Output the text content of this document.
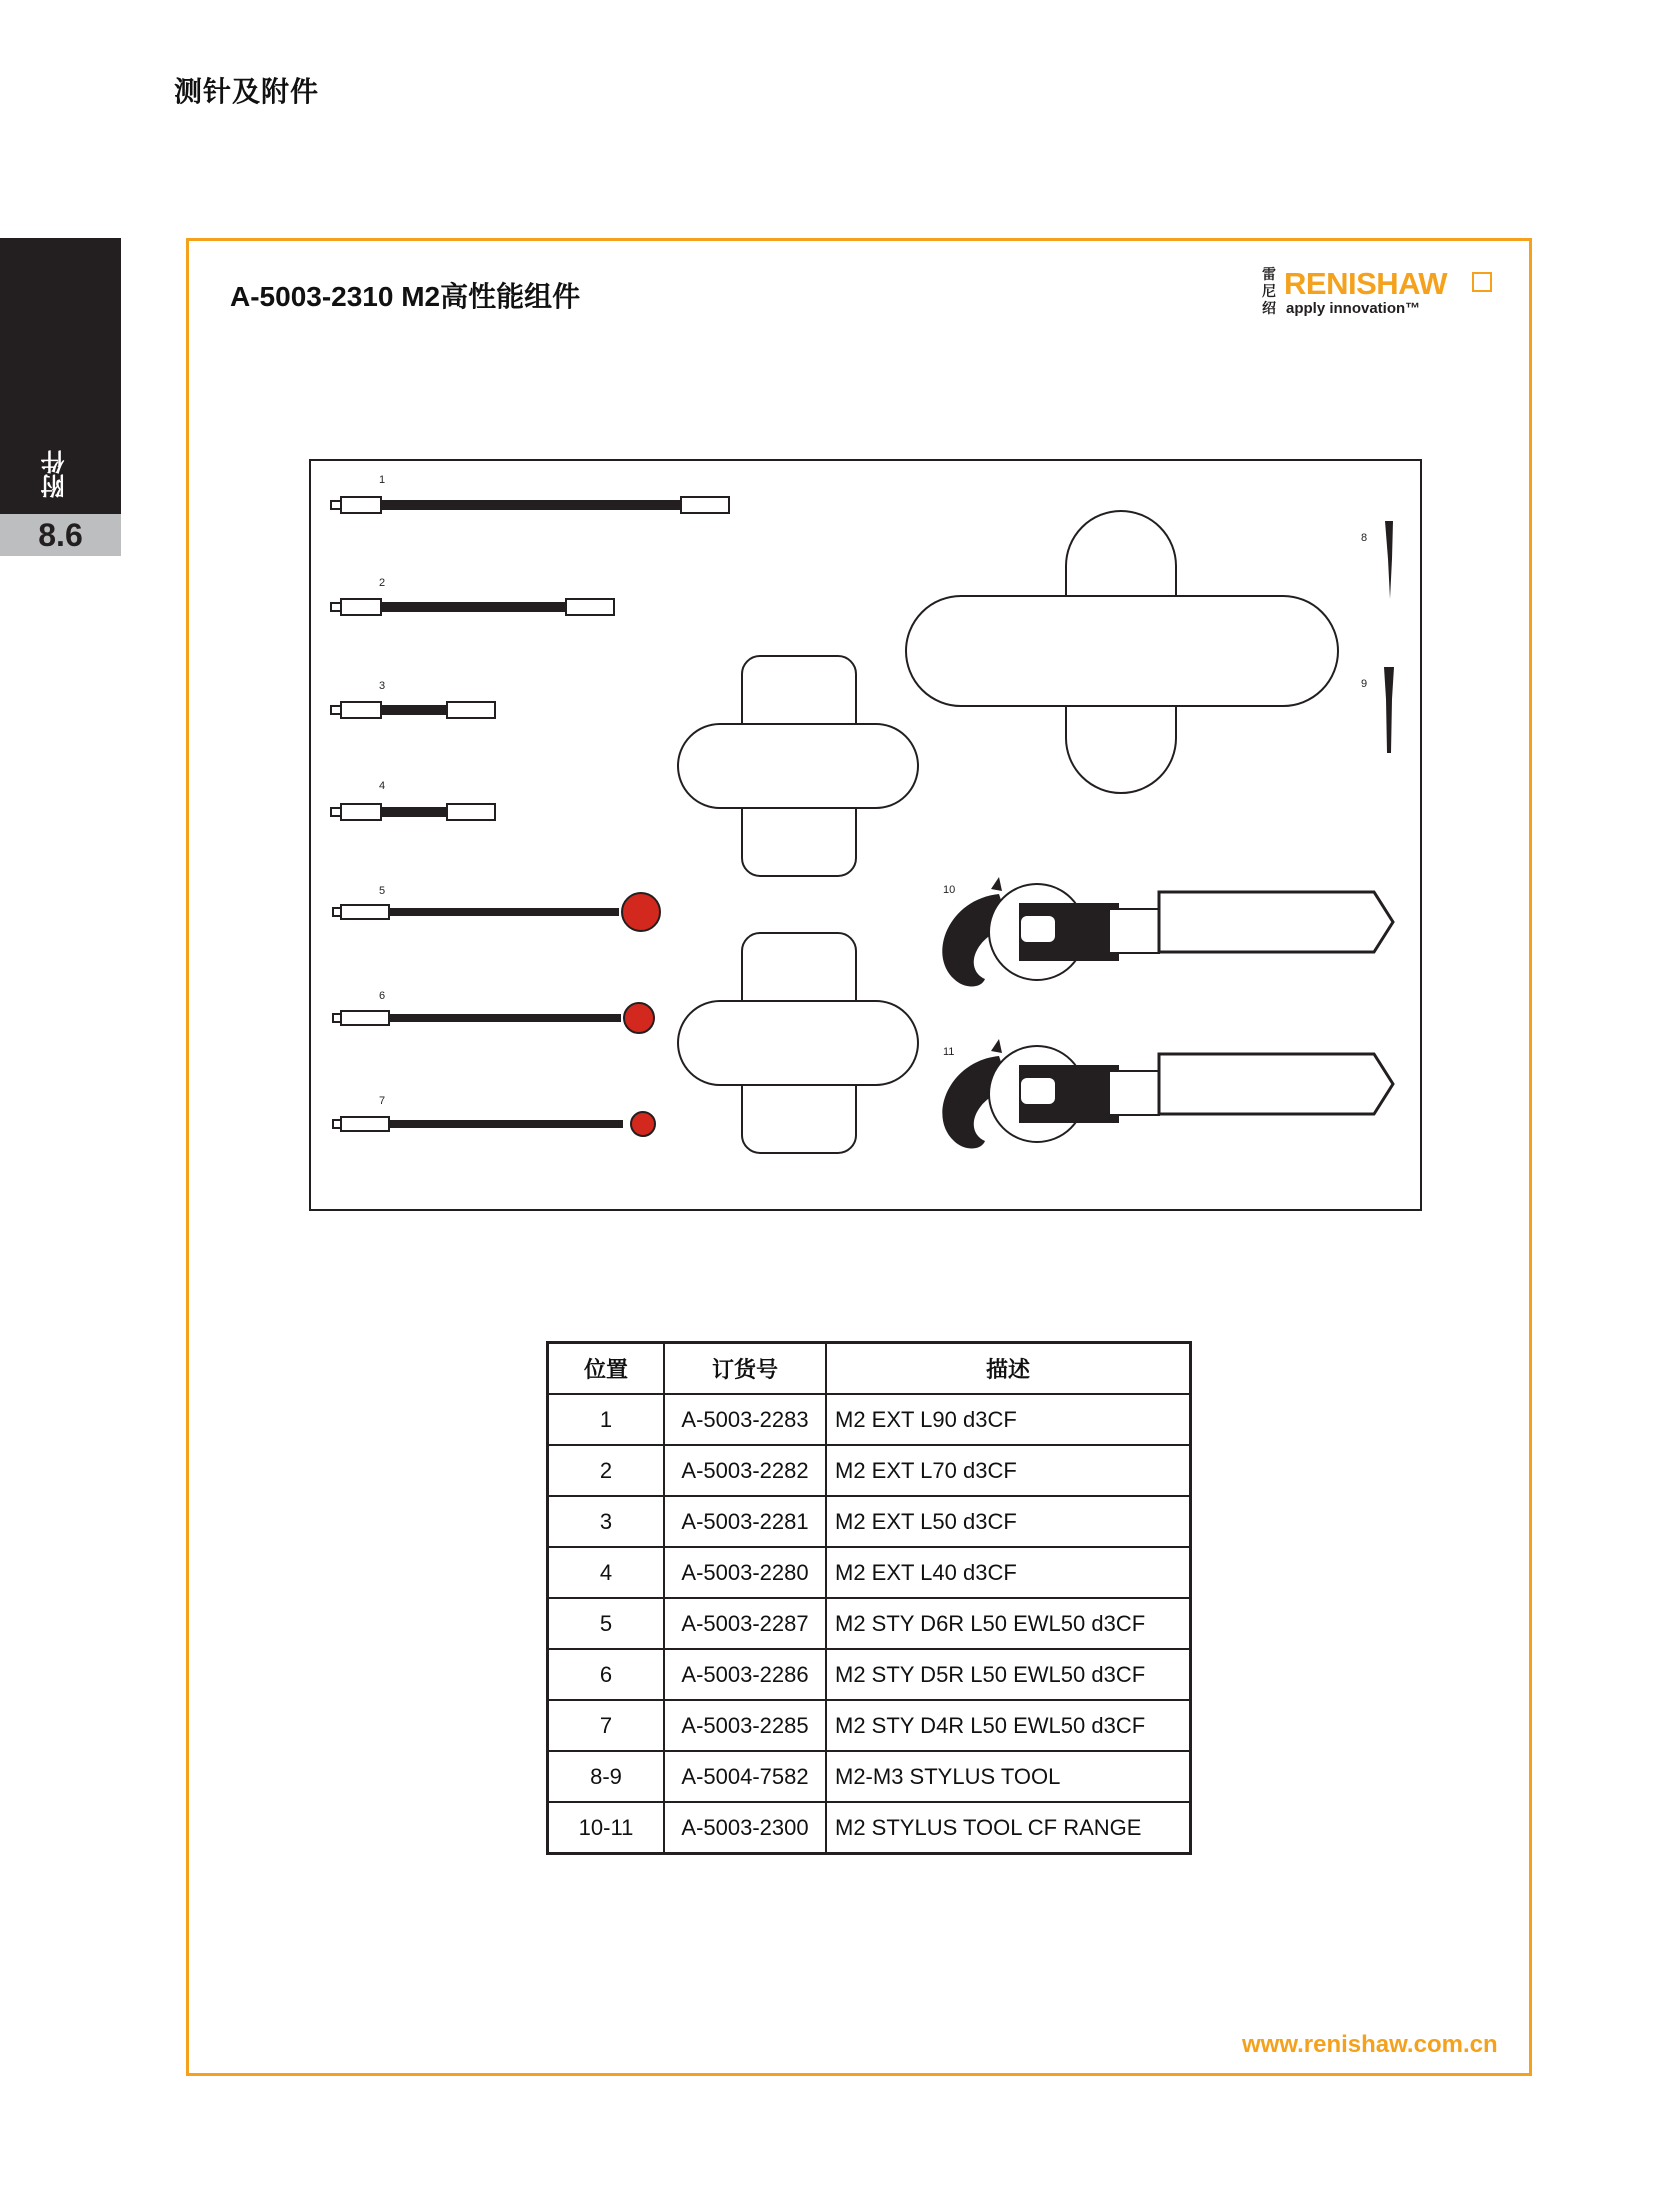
测针及附件
附件
8.6
A-5003-2310 M2高性能组件
雷尼绍
RENISHAW
apply innovation™
1
2
3
4
5
6
7
8
9
10
11
位置	订货号	描述
1	A-5003-2283	M2 EXT L90 d3CF
2	A-5003-2282	M2 EXT L70 d3CF
3	A-5003-2281	M2 EXT L50 d3CF
4	A-5003-2280	M2 EXT L40 d3CF
5	A-5003-2287	M2 STY D6R L50 EWL50 d3CF
6	A-5003-2286	M2 STY D5R L50 EWL50 d3CF
7	A-5003-2285	M2 STY D4R L50 EWL50 d3CF
8-9	A-5004-7582	M2-M3 STYLUS TOOL
10-11	A-5003-2300	M2 STYLUS TOOL CF RANGE
www.renishaw.com.cn
